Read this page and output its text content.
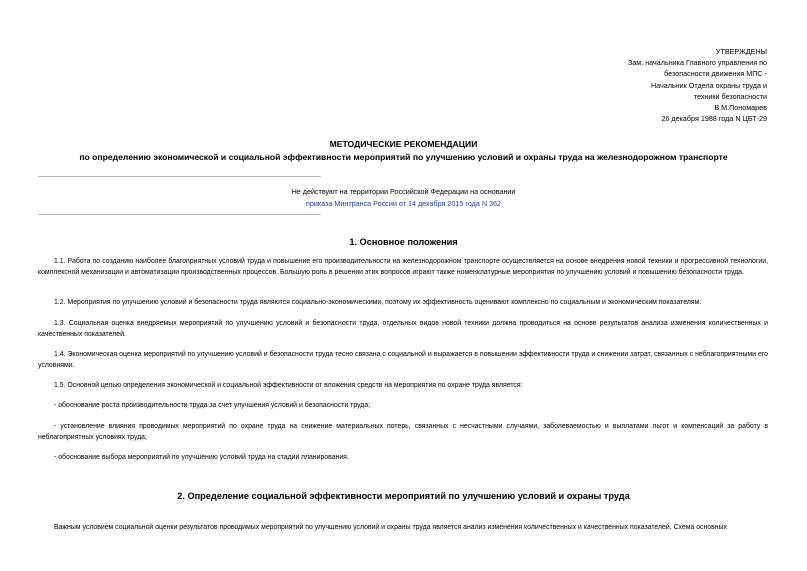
УТВЕРЖДЕНЫ
Зам. начальника Главного управления по
безопасности движения МПС -
Начальник Отдела охраны труда и
техники безопасности
В.М.Пономарев
26 декабря 1988 года N ЦБТ-29
МЕТОДИЧЕСКИЕ РЕКОМЕНДАЦИИ
по определению экономической и социальной эффективности мероприятий по улучшению условий и охраны труда на железнодорожном транспорте
Не действуют на территории Российской Федерации на основании
приказа Минтранса России от 14 декабря 2015 года N 362
1. Основное положения
1.1. Работа по созданию наиболее благоприятных условий труда и повышение его производительности на железнодорожном транспорте осуществляется на основе внедрения новой техники и прогрессивной технологии, комплексной механизации и автоматизации производственных процессов. Большую роль в решении этих вопросов играют также номенклатурные мероприятия по улучшению условий и повышению безопасности труда.
1.2. Мероприятия по улучшению условий и безопасности труда являются социально-экономическими, поэтому их эффективность оценивают комплексно по социальным и экономическим показателям.
1.3. Социальная оценка внедряемых мероприятий по улучшению условий и безопасности труда, отдельных видов новой техники должна проводиться на основе результатов анализа изменения количественных и качественных показателей.
1.4. Экономическая оценка мероприятий по улучшению условий и безопасности труда тесно связана с социальной и выражается в повышении эффективности труда и снижении затрат, связанных с неблагоприятными его условиями.
1.5. Основной целью определения экономической и социальной эффективности от вложения средств на мероприятия по охране труда является:
- обоснование роста производительности труда за счет улучшения условий и безопасности труда;
- установление влияния проводимых мероприятий по охране труда на снижение материальных потерь, связанных с несчастными случаями, заболеваемостью и выплатами льгот и компенсаций за работу в неблагоприятных условиях труда;
- обоснование выбора мероприятий по улучшению условий труда на стадии планирования.
2. Определение социальной эффективности мероприятий по улучшению условий и охраны труда
Важным условием социальной оценки результатов проводимых мероприятий по улучшению условий и охраны труда является анализ изменения количественных и качественных показателей. Схема основных
